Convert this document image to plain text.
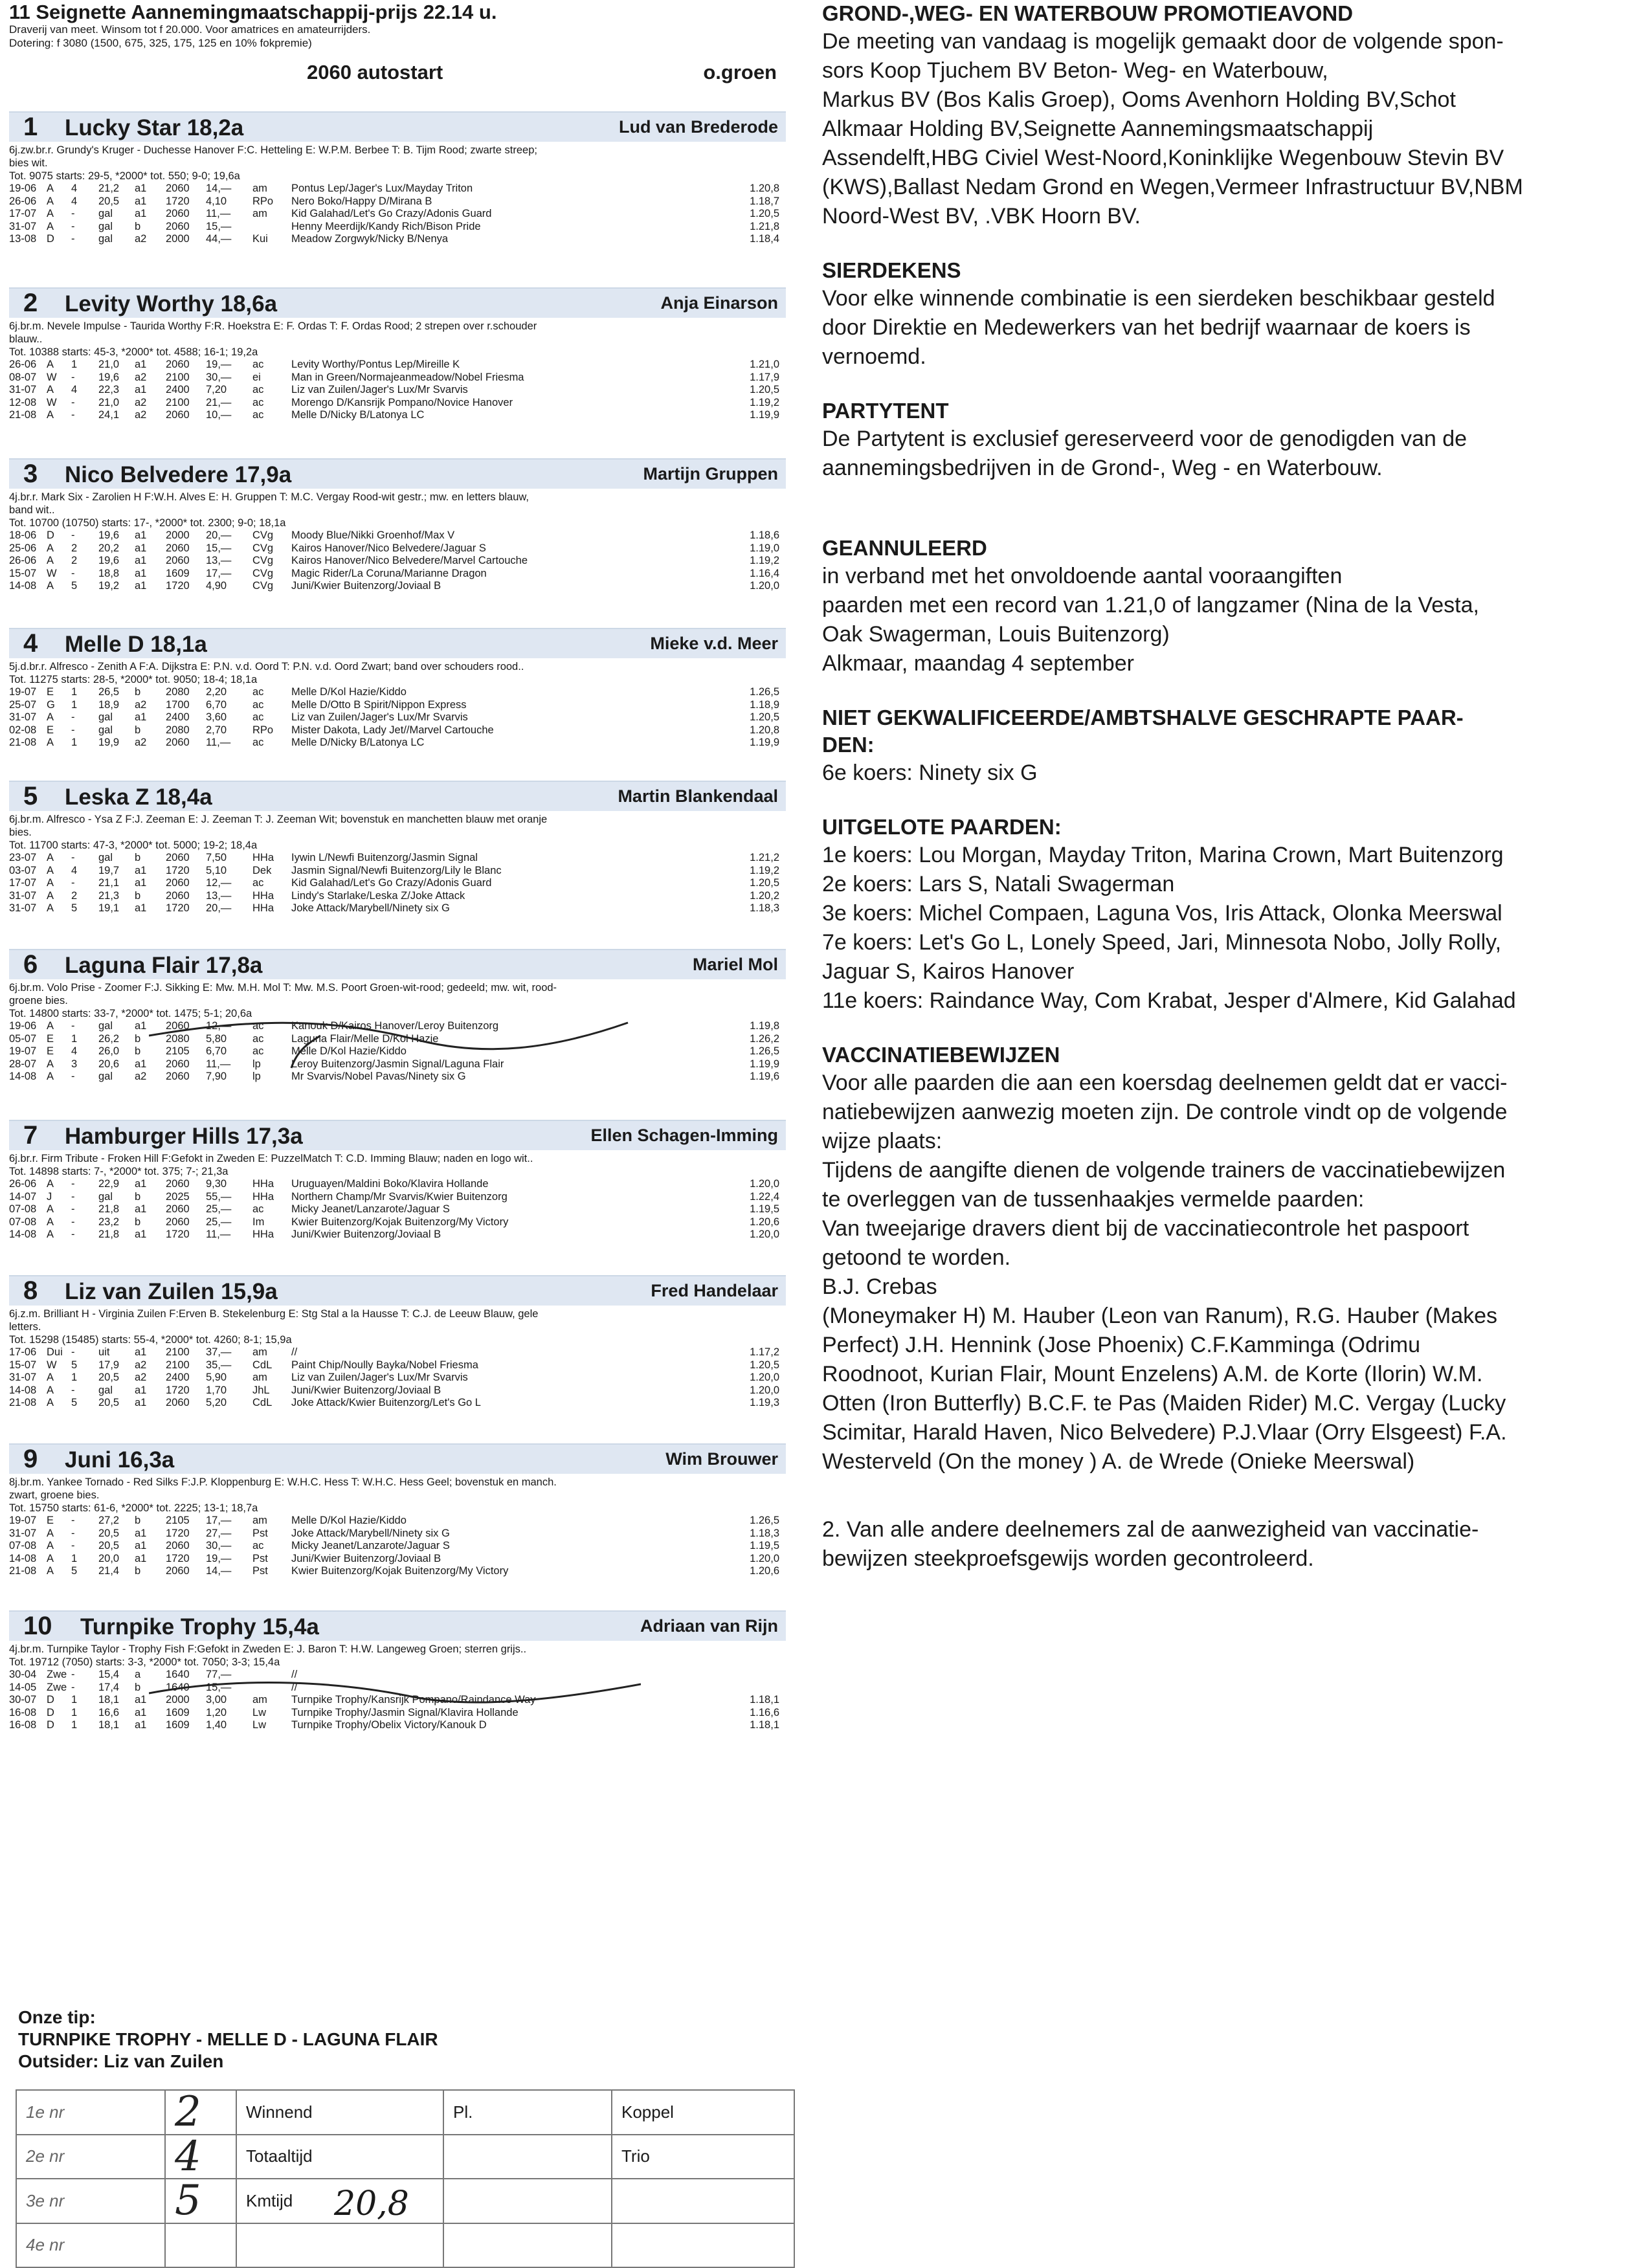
11 Seignette Aannemingmaatschappij-prijs 22.14 u.
Draverij van meet. Winsom tot f 20.000. Voor amatrices en amateurrijders.
Dotering: f 3080 (1500, 675, 325, 175, 125 en 10% fokpremie)
2060 autostart	o.groen
1 Lucky Star 18,2a	Lud van Brederode
6j.zw.br.r. Grundy's Kruger - Duchesse Hanover F:C. Hetteling E: W.P.M. Berbee T: B. Tijm Rood; zwarte streep;
bies wit.
Tot. 9075 starts: 29-5, *2000* tot. 550; 9-0; 19,6a
19-06	A	4	21,2	a1	2060	14,—	am	Pontus Lep/Jager's Lux/Mayday Triton	1.20,8
26-06	A	4	20,5	a1	1720	4,10	RPo	Nero Boko/Happy D/Mirana B	1.18,7
17-07	A	-	gal	a1	2060	11,—	am	Kid Galahad/Let's Go Crazy/Adonis Guard	1.20,5
31-07	A	-	gal	b	2060	15,—		Henny Meerdijk/Kandy Rich/Bison Pride	1.21,8
13-08	D	-	gal	a2	2000	44,—	Kui	Meadow Zorgwyk/Nicky B/Nenya	1.18,4
2 Levity Worthy 18,6a	Anja Einarson
6j.br.m. Nevele Impulse - Taurida Worthy F:R. Hoekstra E: F. Ordas T: F. Ordas Rood; 2 strepen over r.schouder
blauw..
Tot. 10388 starts: 45-3, *2000* tot. 4588; 16-1; 19,2a
26-06	A	1	21,0	a1	2060	19,—	ac	Levity Worthy/Pontus Lep/Mireille K	1.21,0
08-07	W	-	19,6	a2	2100	30,—	ei	Man in Green/Normajeanmeadow/Nobel Friesma	1.17,9
31-07	A	4	22,3	a1	2400	7,20	ac	Liz van Zuilen/Jager's Lux/Mr Svarvis	1.20,5
12-08	W	-	21,0	a2	2100	21,—	ac	Morengo D/Kansrijk Pompano/Novice Hanover	1.19,2
21-08	A	-	24,1	a2	2060	10,—	ac	Melle D/Nicky B/Latonya LC	1.19,9
3 Nico Belvedere 17,9a	Martijn Gruppen
4j.br.r. Mark Six - Zarolien H F:W.H. Alves E: H. Gruppen T: M.C. Vergay Rood-wit gestr.; mw. en letters blauw,
band wit..
Tot. 10700 (10750) starts: 17-, *2000* tot. 2300; 9-0; 18,1a
18-06	D	-	19,6	a1	2000	20,—	CVg	Moody Blue/Nikki Groenhof/Max V	1.18,6
25-06	A	2	20,2	a1	2060	15,—	CVg	Kairos Hanover/Nico Belvedere/Jaguar S	1.19,0
26-06	A	2	19,6	a1	2060	13,—	CVg	Kairos Hanover/Nico Belvedere/Marvel Cartouche	1.19,2
15-07	W	-	18,8	a1	1609	17,—	CVg	Magic Rider/La Coruna/Marianne Dragon	1.16,4
14-08	A	5	19,2	a1	1720	4,90	CVg	Juni/Kwier Buitenzorg/Joviaal B	1.20,0
4 Melle D 18,1a	Mieke v.d. Meer
5j.d.br.r. Alfresco - Zenith A F:A. Dijkstra E: P.N. v.d. Oord T: P.N. v.d. Oord Zwart; band over schouders rood..
Tot. 11275 starts: 28-5, *2000* tot. 9050; 18-4; 18,1a
19-07	E	1	26,5	b	2080	2,20	ac	Melle D/Kol Hazie/Kiddo	1.26,5
25-07	G	1	18,9	a2	1700	6,70	ac	Melle D/Otto B Spirit/Nippon Express	1.18,9
31-07	A	-	gal	a1	2400	3,60	ac	Liz van Zuilen/Jager's Lux/Mr Svarvis	1.20,5
02-08	E	-	gal	b	2080	2,70	RPo	Mister Dakota, Lady Jet//Marvel Cartouche	1.20,8
21-08	A	1	19,9	a2	2060	11,—	ac	Melle D/Nicky B/Latonya LC	1.19,9
5 Leska Z 18,4a	Martin Blankendaal
6j.br.m. Alfresco - Ysa Z F:J. Zeeman E: J. Zeeman T: J. Zeeman Wit; bovenstuk en manchetten blauw met oranje
bies.
Tot. 11700 starts: 47-3, *2000* tot. 5000; 19-2; 18,4a
23-07	A	-	gal	b	2060	7,50	HHa	Iywin L/Newfi Buitenzorg/Jasmin Signal	1.21,2
03-07	A	4	19,7	a1	1720	5,10	Dek	Jasmin Signal/Newfi Buitenzorg/Lily le Blanc	1.19,2
17-07	A	-	21,1	a1	2060	12,—	ac	Kid Galahad/Let's Go Crazy/Adonis Guard	1.20,5
31-07	A	2	21,3	b	2060	13,—	HHa	Lindy's Starlake/Leska Z/Joke Attack	1.20,2
31-07	A	5	19,1	a1	1720	20,—	HHa	Joke Attack/Marybell/Ninety six G	1.18,3
6 Laguna Flair 17,8a	Mariel Mol
6j.br.m. Volo Prise - Zoomer F:J. Sikking E: Mw. M.H. Mol T: Mw. M.S. Poort Groen-wit-rood; gedeeld; mw. wit, rood-
groene bies.
Tot. 14800 starts: 33-7, *2000* tot. 1475; 5-1; 20,6a
19-06	A	-	gal	a1	2060	12,—	ac	Kanouk D/Kairos Hanover/Leroy Buitenzorg	1.19,8
05-07	E	1	26,2	b	2080	5,80	ac	Laguna Flair/Melle D/Kol Hazie	1.26,2
19-07	E	4	26,0	b	2105	6,70	ac	Melle D/Kol Hazie/Kiddo	1.26,5
28-07	A	3	20,6	a1	2060	11,—	lp	Leroy Buitenzorg/Jasmin Signal/Laguna Flair	1.19,9
14-08	A	-	gal	a2	2060	7,90	lp	Mr Svarvis/Nobel Pavas/Ninety six G	1.19,6
7 Hamburger Hills 17,3a	Ellen Schagen-Imming
6j.br.r. Firm Tribute - Froken Hill F:Gefokt in Zweden E: PuzzelMatch T: C.D. Imming Blauw; naden en logo wit..
Tot. 14898 starts: 7-, *2000* tot. 375; 7-; 21,3a
26-06	A	-	22,9	a1	2060	9,30	HHa	Uruguayen/Maldini Boko/Klavira Hollande	1.20,0
14-07	J	-	gal	b	2025	55,—	HHa	Northern Champ/Mr Svarvis/Kwier Buitenzorg	1.22,4
07-08	A	-	21,8	a1	2060	25,—	ac	Micky Jeanet/Lanzarote/Jaguar S	1.19,5
07-08	A	-	23,2	b	2060	25,—	Im	Kwier Buitenzorg/Kojak Buitenzorg/My Victory	1.20,6
14-08	A	-	21,8	a1	1720	11,—	HHa	Juni/Kwier Buitenzorg/Joviaal B	1.20,0
8 Liz van Zuilen 15,9a	Fred Handelaar
6j.z.m. Brilliant H - Virginia Zuilen F:Erven B. Stekelenburg E: Stg Stal a la Hausse T: C.J. de Leeuw Blauw, gele
letters.
Tot. 15298 (15485) starts: 55-4, *2000* tot. 4260; 8-1; 15,9a
17-06	Dui	-	uit	a1	2100	37,—	am	//	1.17,2
15-07	W	5	17,9	a2	2100	35,—	CdL	Paint Chip/Noully Bayka/Nobel Friesma	1.20,5
31-07	A	1	20,5	a2	2400	5,90	am	Liz van Zuilen/Jager's Lux/Mr Svarvis	1.20,0
14-08	A	-	gal	a1	1720	1,70	JhL	Juni/Kwier Buitenzorg/Joviaal B	1.20,0
21-08	A	5	20,5	a1	2060	5,20	CdL	Joke Attack/Kwier Buitenzorg/Let's Go L	1.19,3
9 Juni 16,3a	Wim Brouwer
8j.br.m. Yankee Tornado - Red Silks F:J.P. Kloppenburg E: W.H.C. Hess T: W.H.C. Hess Geel; bovenstuk en manch.
zwart, groene bies.
Tot. 15750 starts: 61-6, *2000* tot. 2225; 13-1; 18,7a
19-07	E	-	27,2	b	2105	17,—	am	Melle D/Kol Hazie/Kiddo	1.26,5
31-07	A	-	20,5	a1	1720	27,—	Pst	Joke Attack/Marybell/Ninety six G	1.18,3
07-08	A	-	20,5	a1	2060	30,—	ac	Micky Jeanet/Lanzarote/Jaguar S	1.19,5
14-08	A	1	20,0	a1	1720	19,—	Pst	Juni/Kwier Buitenzorg/Joviaal B	1.20,0
21-08	A	5	21,4	b	2060	14,—	Pst	Kwier Buitenzorg/Kojak Buitenzorg/My Victory	1.20,6
10 Turnpike Trophy 15,4a	Adriaan van Rijn
4j.br.m. Turnpike Taylor - Trophy Fish F:Gefokt in Zweden E: J. Baron T: H.W. Langeweg Groen; sterren grijs..
Tot. 19712 (7050) starts: 3-3, *2000* tot. 7050; 3-3; 15,4a
30-04	Zwe	-	15,4	a	1640	77,—		//	
14-05	Zwe	-	17,4	b	1640	15,—		//	
30-07	D	1	18,1	a1	2000	3,00	am	Turnpike Trophy/Kansrijk Pompano/Raindance Way	1.18,1
16-08	D	1	16,6	a1	1609	1,20	Lw	Turnpike Trophy/Jasmin Signal/Klavira Hollande	1.16,6
16-08	D	1	18,1	a1	1609	1,40	Lw	Turnpike Trophy/Obelix Victory/Kanouk D	1.18,1
Onze tip:
TURNPIKE TROPHY - MELLE D - LAGUNA FLAIR
Outsider: Liz van Zuilen
1e nr	2	Winnend	Pl.	Koppel
2e nr	4	Totaaltijd		Trio
3e nr	5	Kmtijd 20,8		

4e nr				
GROND-,WEG- EN WATERBOUW PROMOTIEAVOND
De meeting van vandaag is mogelijk gemaakt door de volgende spon-
sors Koop Tjuchem BV Beton- Weg- en Waterbouw,
Markus BV (Bos Kalis Groep), Ooms Avenhorn Holding BV,Schot
Alkmaar Holding BV,Seignette Aannemingsmaatschappij
Assendelft,HBG Civiel West-Noord,Koninklijke Wegenbouw Stevin BV
(KWS),Ballast Nedam Grond en Wegen,Vermeer Infrastructuur BV,NBM
Noord-West BV, .VBK Hoorn BV.
SIERDEKENS
Voor elke winnende combinatie is een sierdeken beschikbaar gesteld
door Direktie en Medewerkers van het bedrijf waarnaar de koers is
vernoemd.
PARTYTENT
De Partytent is exclusief gereserveerd voor de genodigden van de
aannemingsbedrijven in de Grond-, Weg - en Waterbouw.
GEANNULEERD
in verband met het onvoldoende aantal vooraangiften
paarden met een record van 1.21,0 of langzamer (Nina de la Vesta,
Oak Swagerman, Louis Buitenzorg)
Alkmaar, maandag 4 september
NIET GEKWALIFICEERDE/AMBTSHALVE GESCHRAPTE PAAR-
DEN:
6e koers: Ninety six G
UITGELOTE PAARDEN:
1e koers: Lou Morgan, Mayday Triton, Marina Crown, Mart Buitenzorg
2e koers: Lars S, Natali Swagerman
3e koers: Michel Compaen, Laguna Vos, Iris Attack, Olonka Meerswal
7e koers: Let's Go L, Lonely Speed, Jari, Minnesota Nobo, Jolly Rolly,
Jaguar S, Kairos Hanover
11e koers: Raindance Way, Com Krabat, Jesper d'Almere, Kid Galahad
VACCINATIEBEWIJZEN
Voor alle paarden die aan een koersdag deelnemen geldt dat er vacci-
natiebewijzen aanwezig moeten zijn. De controle vindt op de volgende
wijze plaats:
Tijdens de aangifte dienen de volgende trainers de vaccinatiebewijzen
te overleggen van de tussenhaakjes vermelde paarden:
Van tweejarige dravers dient bij de vaccinatiecontrole het paspoort
getoond te worden.
B.J. Crebas
(Moneymaker H) M. Hauber (Leon van Ranum), R.G. Hauber (Makes
Perfect) J.H. Hennink (Jose Phoenix) C.F.Kamminga (Odrimu
Roodnoot, Kurian Flair, Mount Enzelens) A.M. de Korte (Ilorin) W.M.
Otten (Iron Butterfly) B.C.F. te Pas (Maiden Rider) M.C. Vergay (Lucky
Scimitar, Harald Haven, Nico Belvedere) P.J.Vlaar (Orry Elsgeest) F.A.
Westerveld (On the money ) A. de Wrede (Onieke Meerswal)
2. Van alle andere deelnemers zal de aanwezigheid van vaccinatie-
bewijzen steekproefsgewijs worden gecontroleerd.
